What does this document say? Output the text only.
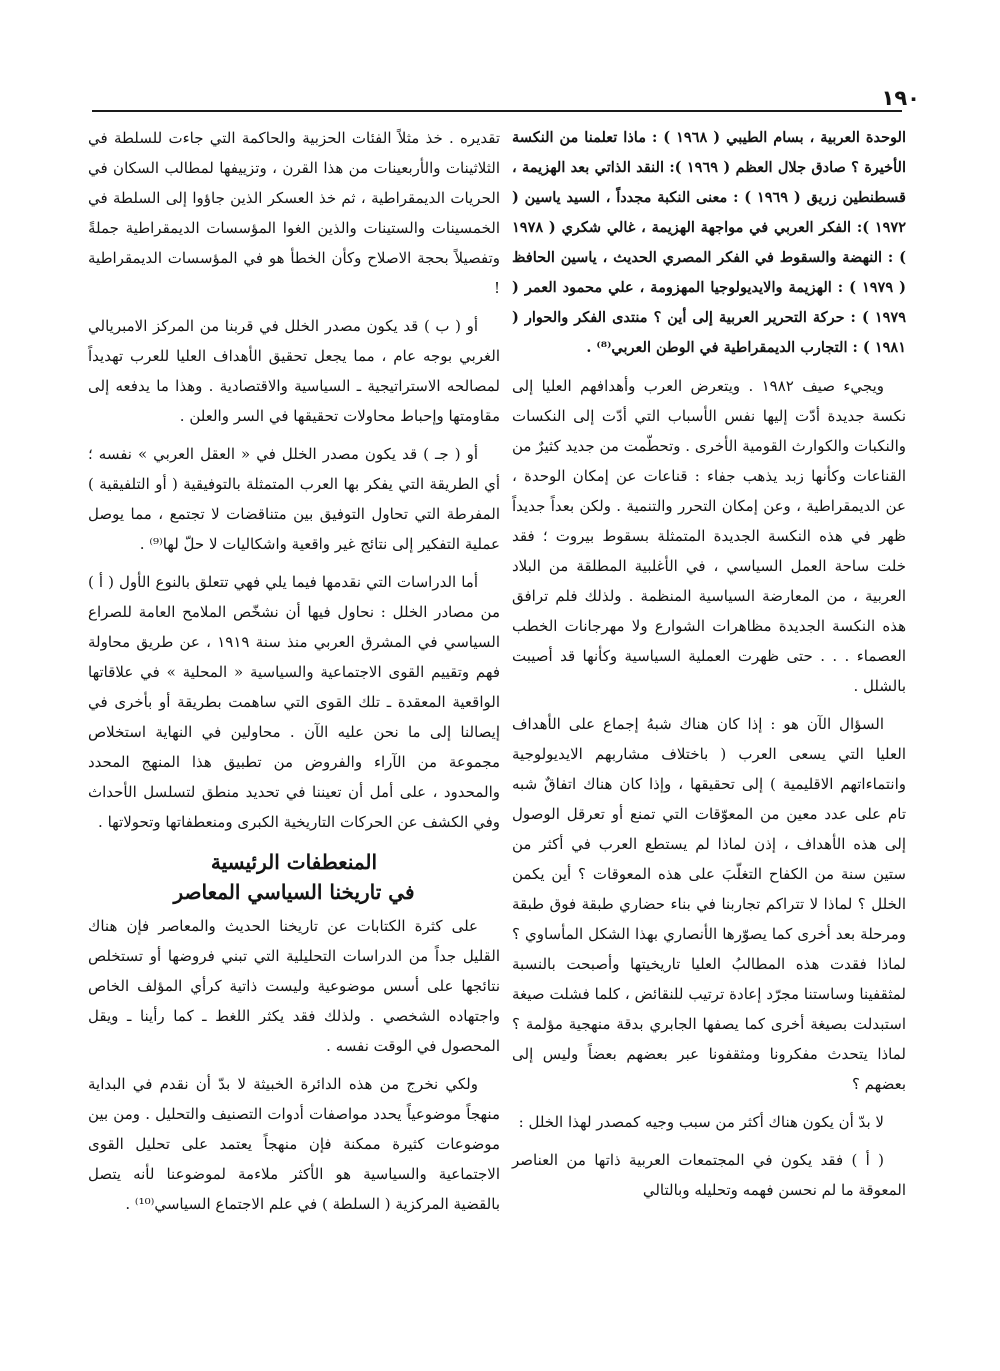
١٩٠

الوحدة العربية ، بسام الطيبي ( ١٩٦٨ ) : ماذا تعلمنا من النكسة الأخيرة ؟ صادق جلال العظم ( ١٩٦٩ ): النقد الذاتي بعد الهزيمة ، قسطنطين زريق ( ١٩٦٩ ) : معنى النكبة مجدداً ، السيد ياسين ( ١٩٧٢ ): الفكر العربي في مواجهة الهزيمة ، غالي شكري ( ١٩٧٨ ) : النهضة والسقوط في الفكر المصري الحديث ، ياسين الحافظ ( ١٩٧٩ ) : الهزيمة والايديولوجيا المهزومة ، علي محمود العمر ( ١٩٧٩ ) : حركة التحرير العربية إلى أين ؟ منتدى الفكر والحوار ( ١٩٨١ ) : التجارب الديمقراطية في الوطن العربي⁽⁸⁾ .

ويجيء صيف ١٩٨٢ . ويتعرض العرب وأهدافهم العليا إلى نكسة جديدة أدّت إليها نفس الأسباب التي أدّت إلى النكسات والنكبات والكوارث القومية الأخرى . وتحطّمت من جديد كثيرٌ من القناعات وكأنها زبد يذهب جفاء : قناعات عن إمكان الوحدة ، عن الديمقراطية ، وعن إمكان التحرر والتنمية . ولكن بعداً جديداً ظهر في هذه النكسة الجديدة المتمثلة بسقوط بيروت ؛ فقد خلت ساحة العمل السياسي ، في الأغلبية المطلقة من البلاد العربية ، من المعارضة السياسية المنظمة . ولذلك فلم ترافق هذه النكسة الجديدة مظاهرات الشوارع ولا مهرجانات الخطب العصماء . . . حتى ظهرت العملية السياسية وكأنها قد أصيبت بالشلل .

السؤال الآن هو : إذا كان هناك شبهُ إجماع على الأهداف العليا التي يسعى العرب ( باختلاف مشاربهم الايديولوجية وانتماءاتهم الاقليمية ) إلى تحقيقها ، وإذا كان هناك اتفاقٌ شبه تام على عدد معين من المعوّقات التي تمنع أو تعرقل الوصول إلى هذه الأهداف ، إذن لماذا لم يستطع العرب في أكثر من ستين سنة من الكفاح التغلّبَ على هذه المعوقات ؟ أين يكمن الخلل ؟ لماذا لا تتراكم تجاربنا في بناء حضاري طبقة فوق طبقة ومرحلة بعد أخرى كما يصوّرها الأنصاري بهذا الشكل المأساوي ؟ لماذا فقدت هذه المطالبُ العليا تاريخيتها وأصبحت بالنسبة لمثقفينا وساستنا مجرّد إعادة ترتيب للنقائض ، كلما فشلت صيغة استبدلت بصيغة أخرى كما يصفها الجابري بدقة منهجية مؤلمة ؟ لماذا يتحدث مفكرونا ومثقفونا عبر بعضهم بعضاً وليس إلى بعضهم ؟

لا بدّ أن يكون هناك أكثر من سبب وجيه كمصدر لهذا الخلل :

( أ ) فقد يكون في المجتمعات العربية ذاتها من العناصر المعوقة ما لم نحسن فهمه وتحليله وبالتالي

تقديره . خذ مثلاً الفئات الحزبية والحاكمة التي جاءت للسلطة في الثلاثينات والأربعينات من هذا القرن ، وتزييفها لمطالب السكان في الحريات الديمقراطية ، ثم خذ العسكر الذين جاؤوا إلى السلطة في الخمسينات والستينات والذين الغوا المؤسسات الديمقراطية جملةً وتفصيلاً بحجة الاصلاح وكأن الخطأ هو في المؤسسات الديمقراطية !

أو ( ب ) قد يكون مصدر الخلل في قربنا من المركز الامبريالي الغربي بوجه عام ، مما يجعل تحقيق الأهداف العليا للعرب تهديداً لمصالحه الاستراتيجية ـ السياسية والاقتصادية . وهذا ما يدفعه إلى مقاومتها وإحباط محاولات تحقيقها في السر والعلن .

أو ( جـ ) قد يكون مصدر الخلل في « العقل العربي » نفسه ؛ أي الطريقة التي يفكر بها العرب المتمثلة بالتوفيقية ( أو التلفيقية ) المفرطة التي تحاول التوفيق بين متناقضات لا تجتمع ، مما يوصل عملية التفكير إلى نتائج غير واقعية واشكاليات لا حلّ لها⁽⁹⁾ .

أما الدراسات التي نقدمها فيما يلي فهي تتعلق بالنوع الأول ( أ ) من مصادر الخلل : نحاول فيها أن نشخّص الملامح العامة للصراع السياسي في المشرق العربي منذ سنة ١٩١٩ ، عن طريق محاولة فهم وتقييم القوى الاجتماعية والسياسية « المحلية » في علاقاتها الواقعية المعقدة ـ تلك القوى التي ساهمت بطريقة أو بأخرى في إيصالنا إلى ما نحن عليه الآن . محاولين في النهاية استخلاص مجموعة من الآراء والفروض من تطبيق هذا المنهج المحدد والمحدود ، على أمل أن تعيننا في تحديد منطق لتسلسل الأحداث وفي الكشف عن الحركات التاريخية الكبرى ومنعطفاتها وتحولاتها .

المنعطفات الرئيسية
في تاريخنا السياسي المعاصر

على كثرة الكتابات عن تاريخنا الحديث والمعاصر فإن هناك القليل جداً من الدراسات التحليلية التي تبني فروضها أو تستخلص نتائجها على أسس موضوعية وليست ذاتية كرأي المؤلف الخاص واجتهاده الشخصي . ولذلك فقد يكثر اللغط ـ كما رأينا ـ ويقل المحصول في الوقت نفسه .

ولكي نخرج من هذه الدائرة الخبيثة لا بدّ أن نقدم في البداية منهجاً موضوعياً يحدد مواصفات أدوات التصنيف والتحليل . ومن بين موضوعات كثيرة ممكنة فإن منهجاً يعتمد على تحليل القوى الاجتماعية والسياسية هو الأكثر ملاءمة لموضوعنا لأنه يتصل بالقضية المركزية ( السلطة ) في علم الاجتماع السياسي⁽¹⁰⁾ .
